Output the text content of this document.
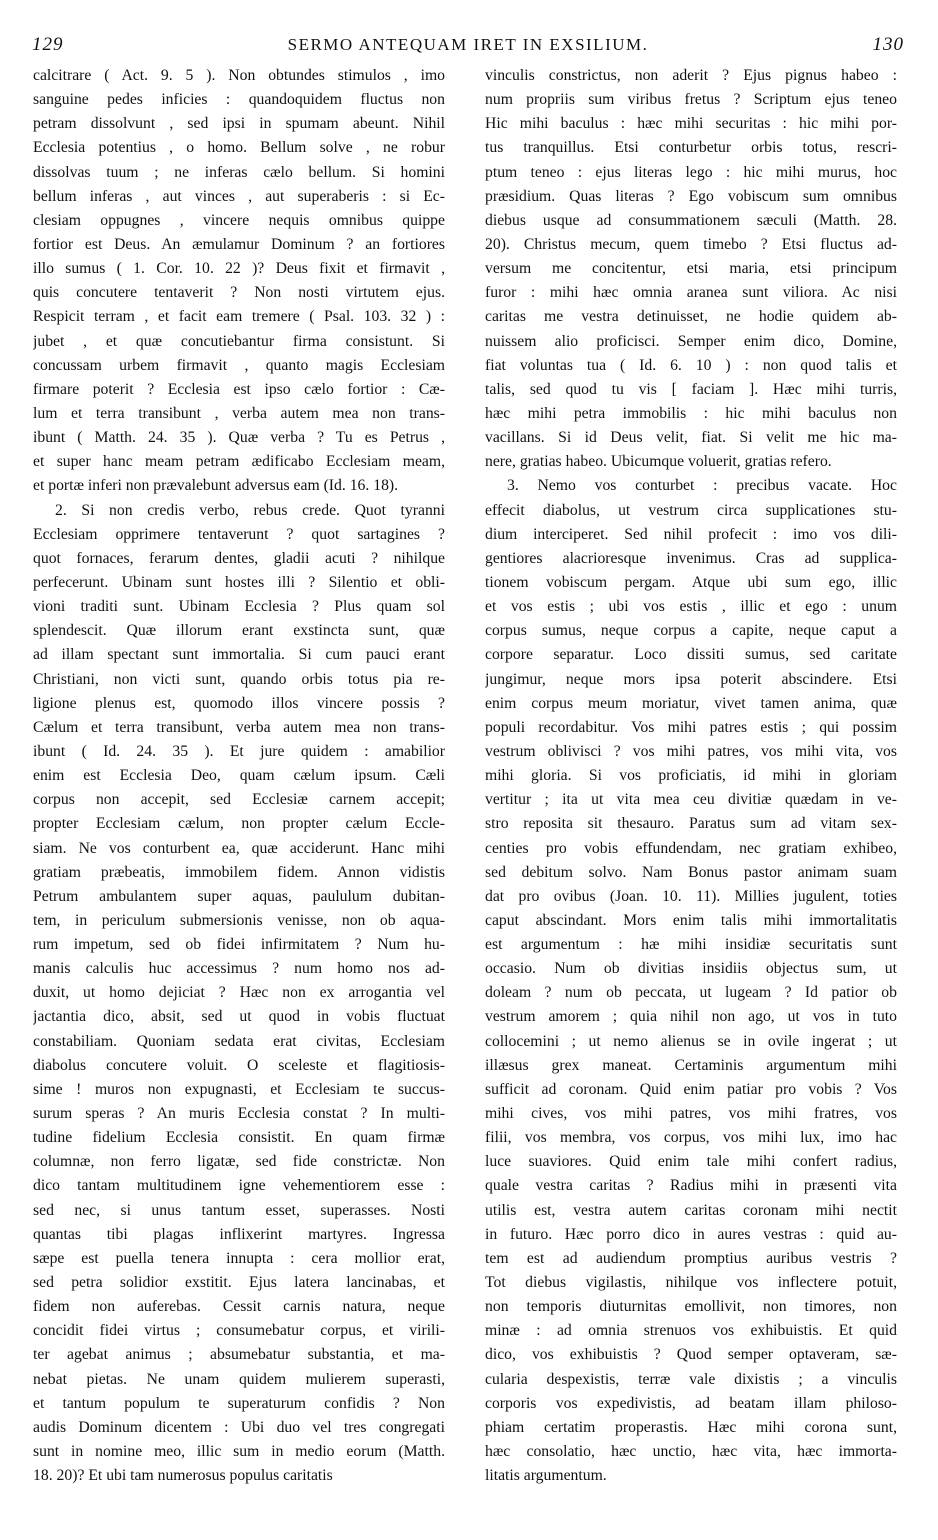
129	SERMO ANTEQUAM IRET IN EXSILIUM.	130
calcitrare ( Act. 9. 5 ). Non obtundes stimulos , imo
sanguine pedes inficies : quandoquidem fluctus non
petram dissolvunt , sed ipsi in spumam abeunt. Nihil
Ecclesia potentius , o homo. Bellum solve , ne robur
dissolvas tuum ; ne inferas cælo bellum. Si homini
bellum inferas , aut vinces , aut superaberis : si Ec-
clesiam oppugnes , vincere nequis omnibus quippe
fortior est Deus. An æmulamur Dominum ? an fortiores
illo sumus ( 1. Cor. 10. 22 )? Deus fixit et firmavit ,
quis concutere tentaverit ? Non nosti virtutem ejus.
Respicit terram , et facit eam tremere ( Psal. 103. 32 ) :
jubet , et quæ concutiebantur firma consistunt. Si
concussam urbem firmavit , quanto magis Ecclesiam
firmare poterit ? Ecclesia est ipso cælo fortior : Cæ-
lum et terra transibunt , verba autem mea non trans-
ibunt ( Matth. 24. 35 ). Quæ verba ? Tu es Petrus ,
et super hanc meam petram ædificabo Ecclesiam meam,
et portæ inferi non prævalebunt adversus eam (Id. 16. 18).
2. Si non credis verbo, rebus crede. Quot tyranni
Ecclesiam opprimere tentaverunt ? quot sartagines ?
quot fornaces, ferarum dentes, gladii acuti ? nihilque
perfecerunt. Ubinam sunt hostes illi ? Silentio et obli-
vioni traditi sunt. Ubinam Ecclesia ? Plus quam sol
splendescit. Quæ illorum erant exstincta sunt, quæ
ad illam spectant sunt immortalia. Si cum pauci erant
Christiani, non victi sunt, quando orbis totus pia re-
ligione plenus est, quomodo illos vincere possis ?
Cælum et terra transibunt, verba autem mea non trans-
ibunt ( Id. 24. 35 ). Et jure quidem : amabilior
enim est Ecclesia Deo, quam cælum ipsum. Cæli
corpus non accepit, sed Ecclesiæ carnem accepit;
propter Ecclesiam cælum, non propter cælum Eccle-
siam. Ne vos conturbent ea, quæ acciderunt. Hanc mihi
gratiam præbeatis, immobilem fidem. Annon vidistis
Petrum ambulantem super aquas, paululum dubitan-
tem, in periculum submersionis venisse, non ob aqua-
rum impetum, sed ob fidei infirmitatem ? Num hu-
manis calculis huc accessimus ? num homo nos ad-
duxit, ut homo dejiciat ? Hæc non ex arrogantia vel
jactantia dico, absit, sed ut quod in vobis fluctuat
constabiliam. Quoniam sedata erat civitas, Ecclesiam
diabolus concutere voluit. O sceleste et flagitiosis-
sime ! muros non expugnasti, et Ecclesiam te succus-
surum speras ? An muris Ecclesia constat ? In multi-
tudine fidelium Ecclesia consistit. En quam firmæ
columnæ, non ferro ligatæ, sed fide constrictæ. Non
dico tantam multitudinem igne vehementiorem esse :
sed nec, si unus tantum esset, superasses. Nosti
quantas tibi plagas inflixerint martyres. Ingressa
sæpe est puella tenera innupta : cera mollior erat,
sed petra solidior exstitit. Ejus latera lancinabas, et
fidem non auferebas. Cessit carnis natura, neque
concidit fidei virtus ; consumebatur corpus, et virili-
ter agebat animus ; absumebatur substantia, et ma-
nebat pietas. Ne unam quidem mulierem superasti,
et tantum populum te superaturum confidis ? Non
audis Dominum dicentem : Ubi duo vel tres congregati
sunt in nomine meo, illic sum in medio eorum (Matth.
18. 20)? Et ubi tam numerosus populus caritatis
vinculis constrictus, non aderit ? Ejus pignus habeo :
num propriis sum viribus fretus ? Scriptum ejus teneo
Hic mihi baculus : hæc mihi securitas : hic mihi por-
tus tranquillus. Etsi conturbetur orbis totus, rescri-
ptum teneo : ejus literas lego : hic mihi murus, hoc
præsidium. Quas literas ? Ego vobiscum sum omnibus
diebus usque ad consummationem sæculi (Matth. 28.
20). Christus mecum, quem timebo ? Etsi fluctus ad-
versum me concitentur, etsi maria, etsi principum
furor : mihi hæc omnia aranea sunt viliora. Ac nisi
caritas me vestra detinuisset, ne hodie quidem ab-
nuissem alio proficisci. Semper enim dico, Domine,
fiat voluntas tua ( Id. 6. 10 ) : non quod talis et
talis, sed quod tu vis [ faciam ]. Hæc mihi turris,
hæc mihi petra immobilis : hic mihi baculus non
vacillans. Si id Deus velit, fiat. Si velit me hic ma-
nere, gratias habeo. Ubicumque voluerit, gratias refero.
3. Nemo vos conturbet : precibus vacate. Hoc
effecit diabolus, ut vestrum circa supplicationes stu-
dium interciperet. Sed nihil profecit : imo vos dili-
gentiores alacrioresque invenimus. Cras ad supplica-
tionem vobiscum pergam. Atque ubi sum ego, illic
et vos estis ; ubi vos estis , illic et ego : unum
corpus sumus, neque corpus a capite, neque caput a
corpore separatur. Loco dissiti sumus, sed caritate
jungimur, neque mors ipsa poterit abscindere. Etsi
enim corpus meum moriatur, vivet tamen anima, quæ
populi recordabitur. Vos mihi patres estis ; qui possim
vestrum oblivisci ? vos mihi patres, vos mihi vita, vos
mihi gloria. Si vos proficiatis, id mihi in gloriam
vertitur ; ita ut vita mea ceu divitiæ quædam in ve-
stro reposita sit thesauro. Paratus sum ad vitam sex-
centies pro vobis effundendam, nec gratiam exhibeo,
sed debitum solvo. Nam Bonus pastor animam suam
dat pro ovibus (Joan. 10. 11). Millies jugulent, toties
caput abscindant. Mors enim talis mihi immortalitatis
est argumentum : hæ mihi insidiæ securitatis sunt
occasio. Num ob divitias insidiis objectus sum, ut
doleam ? num ob peccata, ut lugeam ? Id patior ob
vestrum amorem ; quia nihil non ago, ut vos in tuto
collocemini ; ut nemo alienus se in ovile ingerat ; ut
illæsus grex maneat. Certaminis argumentum mihi
sufficit ad coronam. Quid enim patiar pro vobis ? Vos
mihi cives, vos mihi patres, vos mihi fratres, vos
filii, vos membra, vos corpus, vos mihi lux, imo hac
luce suaviores. Quid enim tale mihi confert radius,
quale vestra caritas ? Radius mihi in præsenti vita
utilis est, vestra autem caritas coronam mihi nectit
in futuro. Hæc porro dico in aures vestras : quid au-
tem est ad audiendum promptius auribus vestris ?
Tot diebus vigilastis, nihilque vos inflectere potuit,
non temporis diuturnitas emollivit, non timores, non
minæ : ad omnia strenuos vos exhibuistis. Et quid
dico, vos exhibuistis ? Quod semper optaveram, sæ-
cularia despexistis, terræ vale dixistis ; a vinculis
corporis vos expedivistis, ad beatam illam philoso-
phiam certatim properastis. Hæc mihi corona sunt,
hæc consolatio, hæc unctio, hæc vita, hæc immorta-
litatis argumentum.
